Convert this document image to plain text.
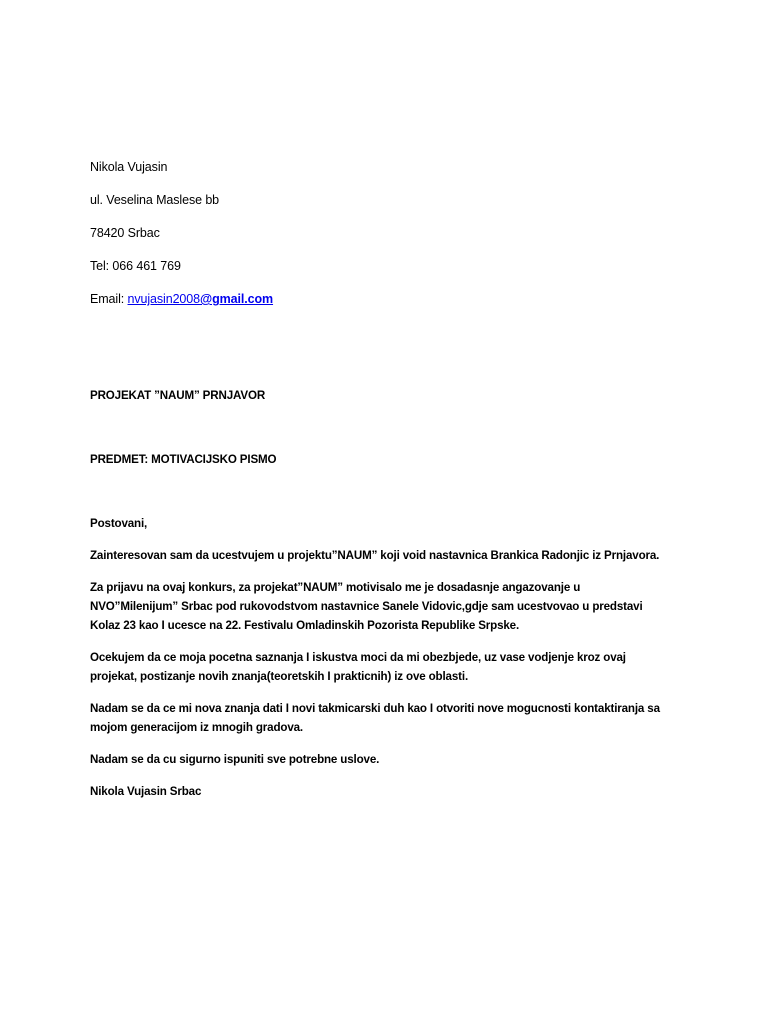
Nikola Vujasin
ul. Veselina Maslese bb
78420 Srbac
Tel: 066 461 769
Email: nvujasin2008@gmail.com
PROJEKAT ”NAUM” PRNJAVOR
PREDMET: MOTIVACIJSKO PISMO
Postovani,
Zainteresovan sam da ucestvujem u projektu”NAUM” koji void nastavnica Brankica Radonjic iz Prnjavora.
Za prijavu na ovaj konkurs, za projekat”NAUM” motivisalo me je dosadasnje angazovanje u
NVO”Milenijum” Srbac pod rukovodstvom nastavnice Sanele Vidovic,gdje sam ucestvovao u predstavi
Kolaz 23 kao I ucesce na 22. Festivalu Omladinskih Pozorista Republike Srpske.
Ocekujem da ce moja pocetna saznanja I iskustva moci da mi obezbjede, uz vase vodjenje kroz ovaj
projekat, postizanje novih znanja(teoretskih I prakticnih) iz ove oblasti.
Nadam se da ce mi nova znanja dati I novi takmicarski duh kao I otvoriti nove mogucnosti kontaktiranja sa
mojom generacijom iz mnogih gradova.
Nadam se da cu sigurno ispuniti sve potrebne uslove.
Nikola Vujasin Srbac
